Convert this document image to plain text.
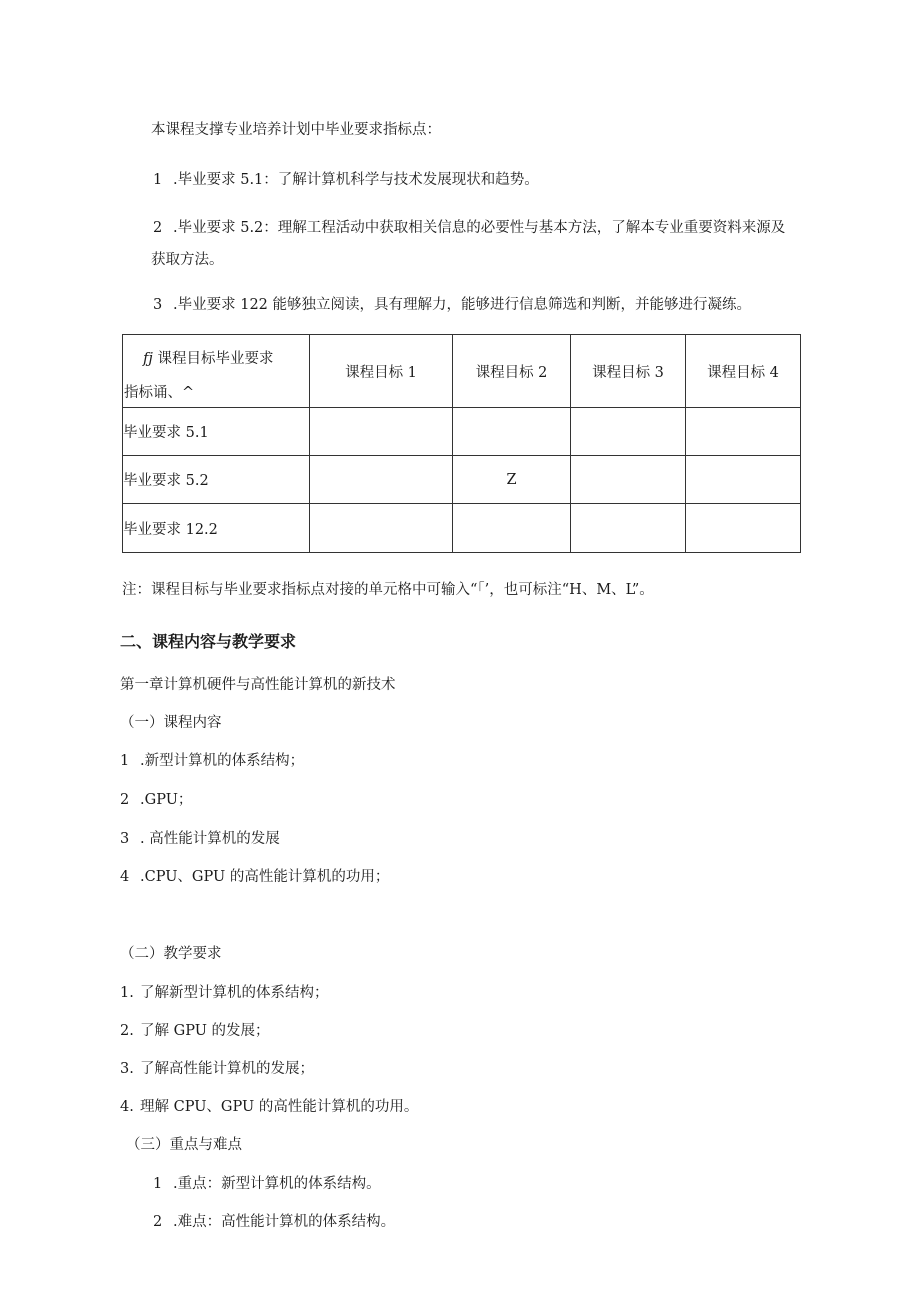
本课程支撑专业培养计划中毕业要求指标点：
1 .毕业要求 5.1：了解计算机科学与技术发展现状和趋势。
2 .毕业要求 5.2：理解工程活动中获取相关信息的必要性与基本方法，了解本专业重要资料来源及
获取方法。
3 .毕业要求 122 能够独立阅读，具有理解力，能够进行信息筛选和判断，并能够进行凝练。
fj 课程目标毕业要求
指标诵、^	课程目标 1	课程目标 2	课程目标 3	课程目标 4
毕业要求 5.1				
毕业要求 5.2		Z		
毕业要求 12.2				
注：课程目标与毕业要求指标点对接的单元格中可输入“「’，也可标注“H、M、L”。
二、课程内容与教学要求
第一章计算机硬件与高性能计算机的新技术
（一）课程内容
1 .新型计算机的体系结构；
2 .GPU；
3 . 高性能计算机的发展
4 .CPU、GPU 的高性能计算机的功用；
（二）教学要求
1. 了解新型计算机的体系结构；
2. 了解 GPU 的发展；
3. 了解高性能计算机的发展；
4. 理解 CPU、GPU 的高性能计算机的功用。
（三）重点与难点
1 .重点：新型计算机的体系结构。
2 .难点：高性能计算机的体系结构。
